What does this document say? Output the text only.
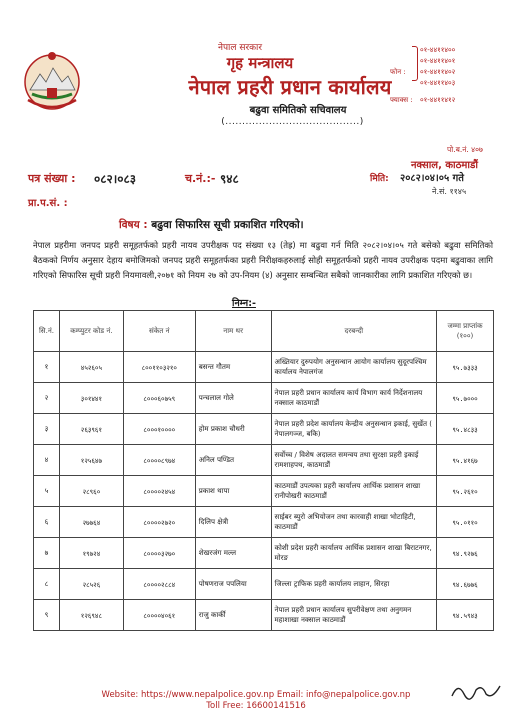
नेपाल सरकार
गृह मन्त्रालय
नेपाल प्रहरी प्रधान कार्यालय
बढुवा समितिको सचिवालय
(........................................)
फोन :
०१-४४११४००
०१-४४११४०१
०१-४४११४०२
०१-४४११४०३
फ्याक्स : ०१-४४११४१२
पो.ब.नं. ४०७
नक्साल, काठमाडौं
पत्र संख्या : ०८२।०८३	च.नं.:- ९४८	मिति: २०८२।०४।०५ गते
ने.सं. ११४५
प्रा.प.सं. :
विषय : बढुवा सिफारिस सूची प्रकाशित गरिएको।
नेपाल प्रहरीमा जनपद प्रहरी समूहतर्फको प्रहरी नायव उपरीक्षक पद संख्या १३ (तेह्र) मा बढुवा गर्न मिति २०८२।०४।०५ गते बसेको बढुवा समितिको बैठकको निर्णय अनुसार देहाय बमोजिमको जनपद प्रहरी समूहतर्फका प्रहरी निरीक्षकहरुलाई सोही समूहतर्फको प्रहरी नायव उपरीक्षक पदमा बढुवाका लागि गरिएको सिफारिस सूची प्रहरी नियमावली,२०७१ को नियम २७ को उप-नियम (४) अनुसार सम्बन्धित सबैको जानकारीका लागि प्रकाशित गरिएको छ।
निम्न:-
सि.नं.	कम्प्युटर कोड नं.	संकेत नं	नाम थर	दरबन्दी	जम्मा प्राप्तांक (१००)
१	४५२६०५	८००११०३२१०	बसन्त गौतम	अख्तियार दुरुपयोग अनुसन्धान आयोग कार्यालय सुदूरपश्चिम कार्यालय नेपालगंज	९५.७३३३
२	३०१४४१	८०००६०७५९	पन्चलाल गोले	नेपाल प्रहरी प्रधान कार्यालय कार्य विभाग कार्य निर्देशनालय नक्साल काठमाडौं	९५.७०००
३	२६३९६१	८०००१००००	होम प्रकाश चौधरी	नेपाल प्रहरी प्रदेश कार्यालय केन्द्रीय अनुसन्धान इकाई, सुर्खेत ( नेपालगञ्ज, बकि)	९५.४८३३
४	१२५६४७	८००००८९७४	अनिल पण्डित	सर्वोच्च / विशेष अदालत समन्वय तथा सुरक्षा प्रहरी इकाई रामशाहपथ, काठमाडौं	९५.४१६७
५	२८९६०	८००००२४५४	प्रकाश थापा	काठमाडौं उपत्यका प्रहरी कार्यालय आर्थिक प्रशासन शाखा रानीपोखरी काठमाडौं	९५.२६१०
६	२७७६४	८००००२७२०	दिलिप क्षेत्री	साईबर ब्युरो अभियोजन तथा कारवाही शाखा भोटाहिटी, काठमाडौं	९५.०११०
७	१९७२४	८००००३२७०	शेखरजंग मल्ल	कोशी प्रदेश प्रहरी कार्यालय आर्थिक प्रशासन शाखा बिराटनगर, मोरङ	९४.९२७६
८	२८५२६	८००००२८८४	पोषणराज पपलिया	जिल्ला ट्राफिक प्रहरी कार्यालय लाहान, सिरहा	९४.६७७६
९	१२६९४८	८००००४०६१	राजु कार्की	नेपाल प्रहरी प्रधान कार्यालय सुपरीवेक्षण तथा अनुगमन महाशाखा नक्साल काठमाडौं	९४.५९४३
Website: https://www.nepalpolice.gov.np Email: info@nepalpolice.gov.np
Toll Free: 16600141516
